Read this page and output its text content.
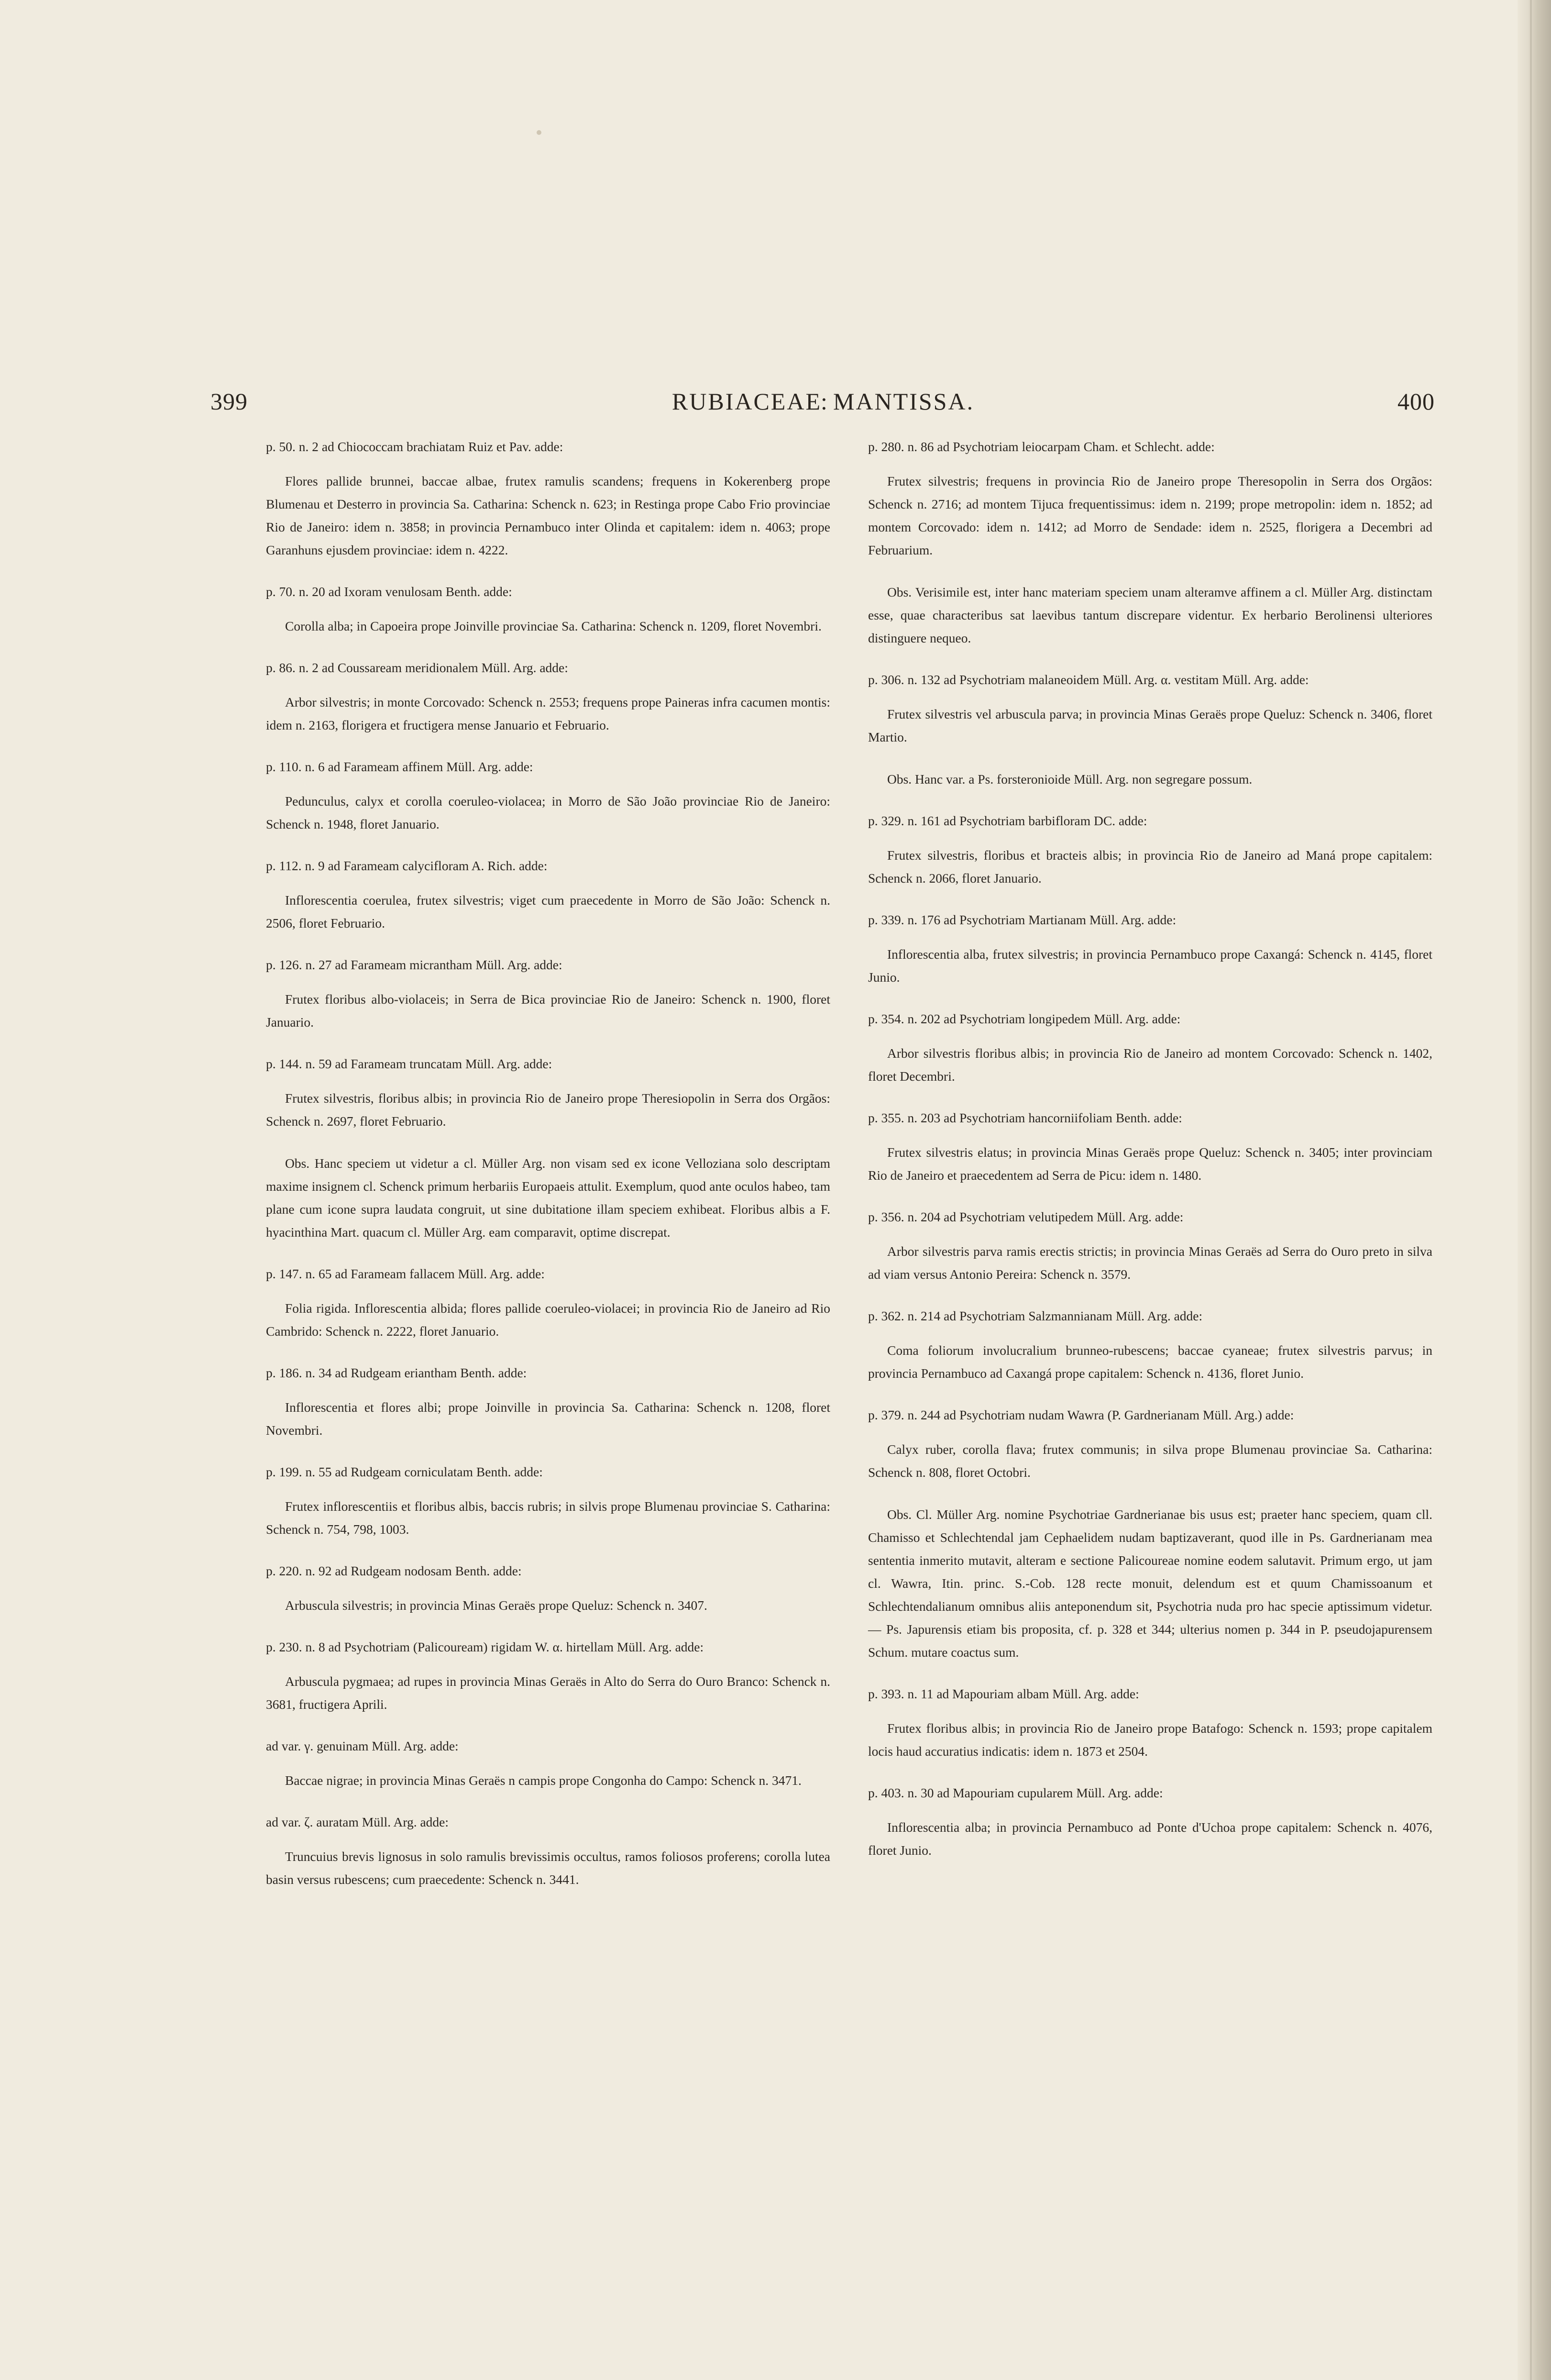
399	RUBIACEAE
: MANTISSA.	400

p. 50. n. 2 ad Chiococcam brachiatam Ruiz et Pav. adde:

Flores pallide brunnei, baccae albae, frutex ramulis scandens; frequens in Kokerenberg prope Blumenau et Desterro in provincia Sa. Catharina: Schenck n. 623; in Restinga prope Cabo Frio provinciae Rio de Janeiro: idem n. 3858; in provincia Pernambuco inter Olinda et capitalem: idem n. 4063; prope Garanhuns ejusdem provinciae: idem n. 4222.

p. 70. n. 20 ad Ixoram venulosam Benth. adde:

Corolla alba; in Capoeira prope Joinville provinciae Sa. Catharina: Schenck n. 1209, floret Novembri.

p. 86. n. 2 ad Coussaream meridionalem Müll. Arg. adde:

Arbor silvestris; in monte Corcovado: Schenck n. 2553; frequens prope Paineras infra cacumen montis: idem n. 2163, florigera et fructigera mense Januario et Februario.

p. 110. n. 6 ad Farameam affinem Müll. Arg. adde:

Pedunculus, calyx et corolla coeruleo-violacea; in Morro de São João provinciae Rio de Janeiro: Schenck n. 1948, floret Januario.

p. 112. n. 9 ad Farameam calyciflоram A. Rich. adde:

Inflorescentia coerulea, frutex silvestris; viget cum praecedente in Morro de São João: Schenck n. 2506, floret Februario.

p. 126. n. 27 ad Farameam micrantham Müll. Arg. adde:

Frutex floribus albo-violaceis; in Serra de Bica provinciae Rio de Janeiro: Schenck n. 1900, floret Januario.

p. 144. n. 59 ad Farameam truncatam Müll. Arg. adde:

Frutex silvestris, floribus albis; in provincia Rio de Janeiro prope Theresiopolin in Serra dos Orgãos: Schenck n. 2697, floret Februario.

Obs. Hanc speciem ut videtur a cl. Müller Arg. non visam sed ex icone Velloziana solo descriptam maxime insignem cl. Schenck primum herbariis Europaeis attulit. Exemplum, quod ante oculos habeo, tam plane cum icone supra laudata congruit, ut sine dubitatione illam speciem exhibeat. Floribus albis a F. hyacinthina Mart. quacum cl. Müller Arg. eam comparavit, optime discrepat.

p. 147. n. 65 ad Farameam fallacem Müll. Arg. adde:

Folia rigida. Inflorescentia albida; flores pallide coeruleo-violacei; in provincia Rio de Janeiro ad Rio Cambrido: Schenck n. 2222, floret Januario.

p. 186. n. 34 ad Rudgeam eriantham Benth. adde:

Inflorescentia et flores albi; prope Joinville in provincia Sa. Catharina: Schenck n. 1208, floret Novembri.

p. 199. n. 55 ad Rudgeam corniculatam Benth. adde:

Frutex inflorescentiis et floribus albis, baccis rubris; in silvis prope Blumenau provinciae S. Catharina: Schenck n. 754, 798, 1003.

p. 220. n. 92 ad Rudgeam nodosam Benth. adde:

Arbuscula silvestris; in provincia Minas Geraës prope Queluz: Schenck n. 3407.

p. 230. n. 8 ad Psychotriam (Palicouream) rigidam W. α. hirtellam Müll. Arg. adde:

Arbuscula pygmaea; ad rupes in provincia Minas Geraës in Alto do Serra do Ouro Branco: Schenck n. 3681, fructigera Aprili.

ad var. γ. genuinam Müll. Arg. adde:

Baccae nigrae; in provincia Minas Geraës n campis prope Congonha do Campo: Schenck n. 3471.

ad var. ζ. auratam Müll. Arg. adde:

Truncuius brevis lignosus in solo ramulis brevissimis occultus, ramos foliosos proferens; corolla lutea basin versus rubescens; cum praecedente: Schenck n. 3441.

p. 280. n. 86 ad Psychotriam leiocarpam Cham. et Schlecht. adde:

Frutex silvestris; frequens in provincia Rio de Janeiro prope Theresopolin in Serra dos Orgãos: Schenck n. 2716; ad montem Tijuca frequentissimus: idem n. 2199; prope metropolin: idem n. 1852; ad montem Corcovado: idem n. 1412; ad Morro de Sendade: idem n. 2525, florigera a Decembri ad Februarium.

Obs. Verisimile est, inter hanc materiam speciem unam alteramve affinem a cl. Müller Arg. distinctam esse, quae characteribus sat laevibus tantum discrepare videntur. Ex herbario Berolinensi ulteriores distinguere nequeo.

p. 306. n. 132 ad Psychotriam malaneoidem Müll. Arg. α. vestitam Müll. Arg. adde:

Frutex silvestris vel arbuscula parva; in provincia Minas Geraës prope Queluz: Schenck n. 3406, floret Martio.

Obs. Hanc var. a Ps. forsteronioide Müll. Arg. non segregare possum.

p. 329. n. 161 ad Psychotriam barbifloram DC. adde:

Frutex silvestris, floribus et bracteis albis; in provincia Rio de Janeiro ad Maná prope capitalem: Schenck n. 2066, floret Januario.

p. 339. n. 176 ad Psychotriam Martianam Müll. Arg. adde:

Inflorescentia alba, frutex silvestris; in provincia Pernambuco prope Caxangá: Schenck n. 4145, floret Junio.

p. 354. n. 202 ad Psychotriam longipedem Müll. Arg. adde:

Arbor silvestris floribus albis; in provincia Rio de Janeiro ad montem Corcovado: Schenck n. 1402, floret Decembri.

p. 355. n. 203 ad Psychotriam hancorniifoliam Benth. adde:

Frutex silvestris elatus; in provincia Minas Geraës prope Queluz: Schenck n. 3405; inter provinciam Rio de Janeiro et praecedentem ad Serra de Picu: idem n. 1480.

p. 356. n. 204 ad Psychotriam velutipedem Müll. Arg. adde:

Arbor silvestris parva ramis erectis strictis; in provincia Minas Geraës ad Serra do Ouro preto in silva ad viam versus Antonio Pereira: Schenck n. 3579.

p. 362. n. 214 ad Psychotriam Salzmannianam Müll. Arg. adde:

Coma foliorum involucralium brunneo-rubescens; baccae cyaneae; frutex silvestris parvus; in provincia Pernambuco ad Caxangá prope capitalem: Schenck n. 4136, floret Junio.

p. 379. n. 244 ad Psychotriam nudam Wawra (P. Gardnerianam Müll. Arg.) adde:

Calyx ruber, corolla flava; frutex communis; in silva prope Blumenau provinciae Sa. Catharina: Schenck n. 808, floret Octobri.

Obs. Cl. Müller Arg. nomine Psychotriae Gardnerianae bis usus est; praeter hanc speciem, quam cll. Chamisso et Schlechtendal jam Cephaelidem nudam baptizaverant, quod ille in Ps. Gardnerianam mea sententia inmerito mutavit, alteram e sectione Palicoureae nomine eodem salutavit. Primum ergo, ut jam cl. Wawra, Itin. princ. S.-Cob. 128 recte monuit, delendum est et quum Chamissoanum et Schlechtendalianum omnibus aliis anteponendum sit, Psychotria nuda pro hac specie aptissimum videtur. — Ps. Japurensis etiam bis proposita, cf. p. 328 et 344; ulterius nomen p. 344 in P. pseudojapurensem Schum. mutare coactus sum.

p. 393. n. 11 ad Mapouriam albam Müll. Arg. adde:

Frutex floribus albis; in provincia Rio de Janeiro prope Batafogo: Schenck n. 1593; prope capitalem locis haud accuratius indicatis: idem n. 1873 et 2504.

p. 403. n. 30 ad Mapouriam cupularem Müll. Arg. adde:

Inflorescentia alba; in provincia Pernambuco ad Ponte d'Uchoa prope capitalem: Schenck n. 4076, floret Junio.
